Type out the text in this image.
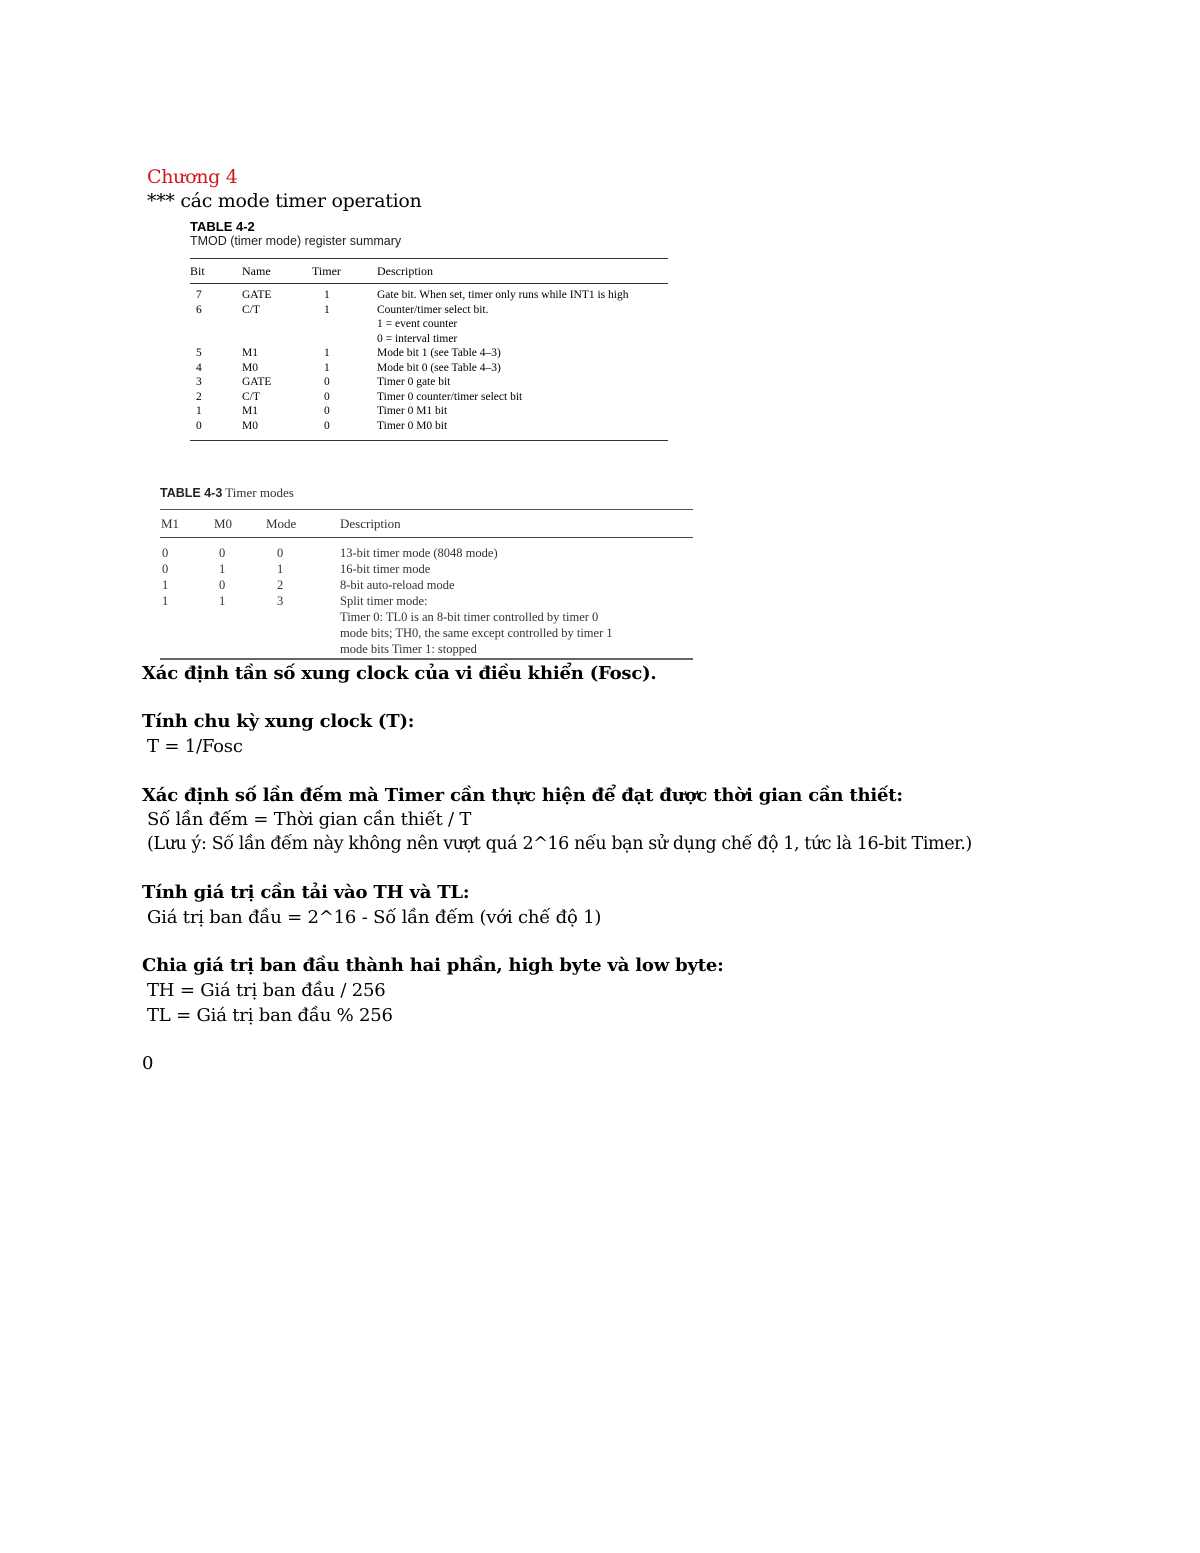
Chương 4
*** các mode timer operation
TABLE 4-2
TMOD (timer mode) register summary
Bit	Name	Timer	Description
7	GATE	1	Gate bit. When set, timer only runs while INT1 is high
6	C/T	1	Counter/timer select bit.
1 = event counter
0 = interval timer
5	M1	1	Mode bit 1 (see Table 4–3)
4	M0	1	Mode bit 0 (see Table 4–3)
3	GATE	0	Timer 0 gate bit
2	C/T	0	Timer 0 counter/timer select bit
1	M1	0	Timer 0 M1 bit
0	M0	0	Timer 0 M0 bit
TABLE 4-3 Timer modes
M1	M0	Mode	Description
0	0	0	13-bit timer mode (8048 mode)
0	1	1	16-bit timer mode
1	0	2	8-bit auto-reload mode
1	1	3	Split timer mode:
Timer 0: TL0 is an 8-bit timer controlled by timer 0
mode bits; TH0, the same except controlled by timer 1
mode bits Timer 1: stopped
Xác định tần số xung clock của vi điều khiển (Fosc).
Tính chu kỳ xung clock (T):
T = 1/Fosc
Xác định số lần đếm mà Timer cần thực hiện để đạt được thời gian cần thiết:
Số lần đếm = Thời gian cần thiết / T
(Lưu ý: Số lần đếm này không nên vượt quá 2^16 nếu bạn sử dụng chế độ 1, tức là 16-bit Timer.)
Tính giá trị cần tải vào TH và TL:
Giá trị ban đầu = 2^16 - Số lần đếm (với chế độ 1)
Chia giá trị ban đầu thành hai phần, high byte và low byte:
TH = Giá trị ban đầu / 256
TL = Giá trị ban đầu % 256
0
